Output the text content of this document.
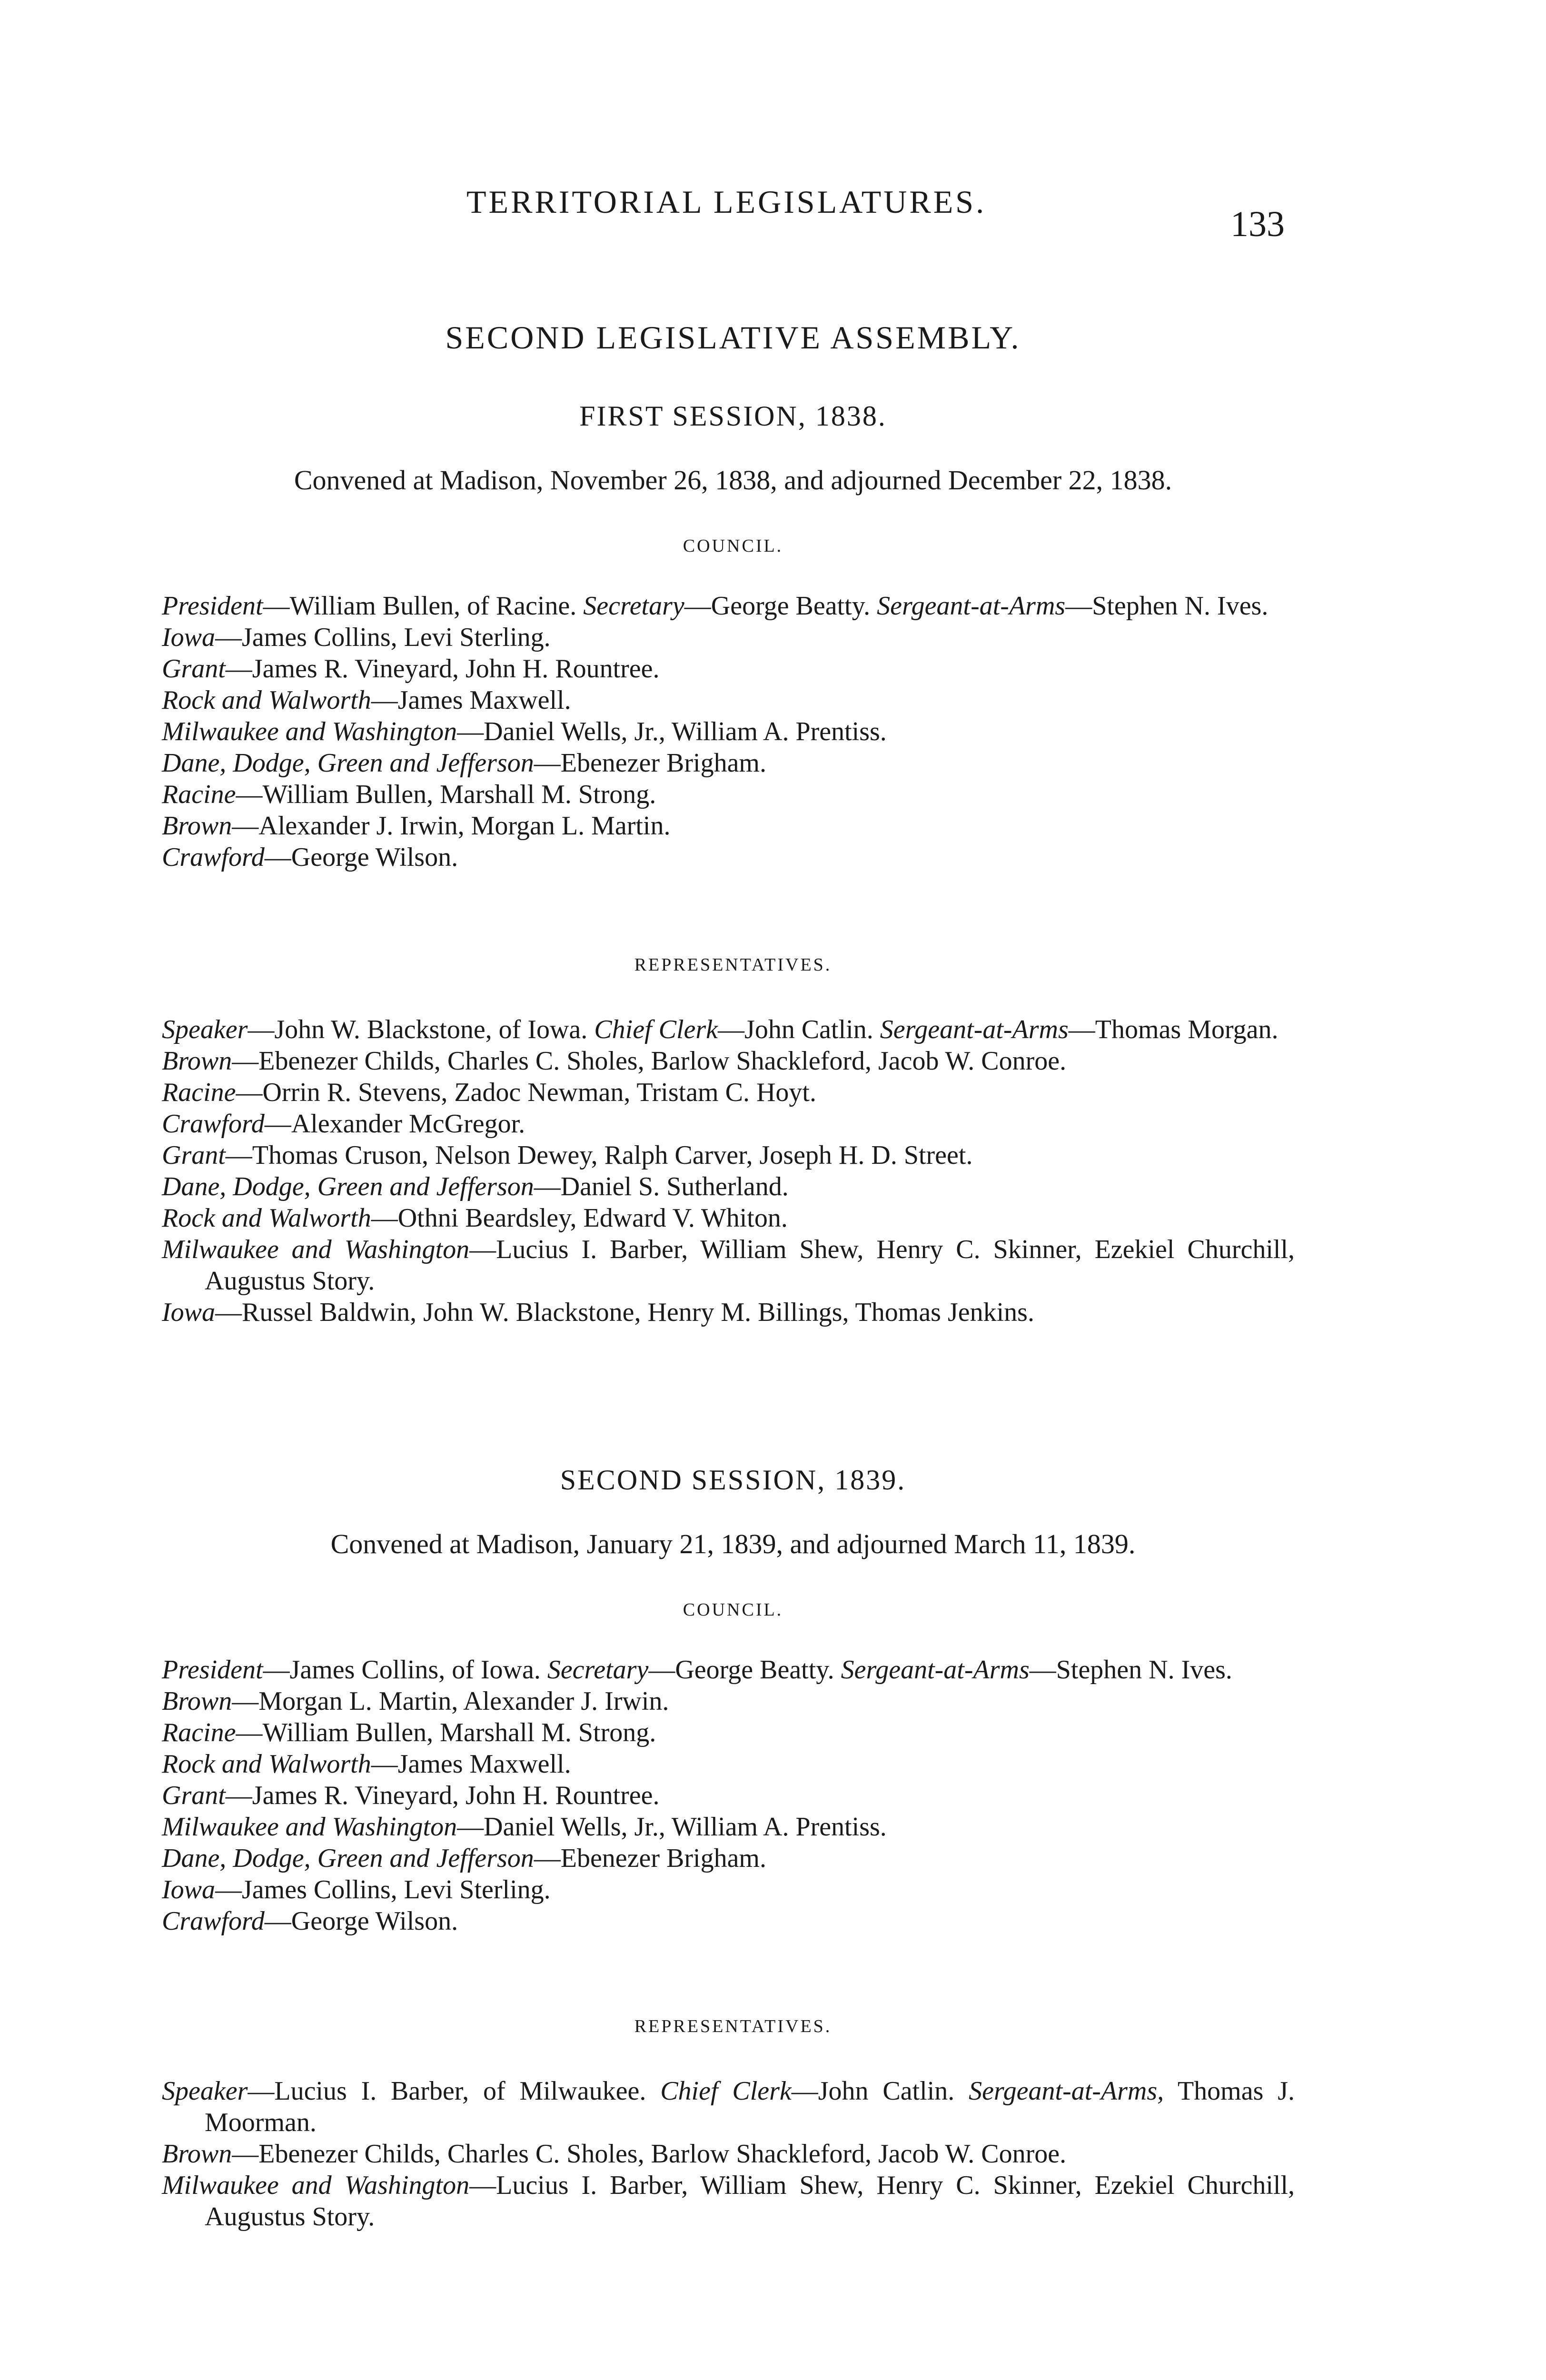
TERRITORIAL LEGISLATURES.
133
SECOND LEGISLATIVE ASSEMBLY.
FIRST SESSION, 1838.
Convened at Madison, November 26, 1838, and adjourned December 22, 1838.
COUNCIL.
President—William Bullen, of Racine. Secretary—George Beatty. Sergeant-at-Arms—Stephen N. Ives.
Iowa—James Collins, Levi Sterling.
Grant—James R. Vineyard, John H. Rountree.
Rock and Walworth—James Maxwell.
Milwaukee and Washington—Daniel Wells, Jr., William A. Prentiss.
Dane, Dodge, Green and Jefferson—Ebenezer Brigham.
Racine—William Bullen, Marshall M. Strong.
Brown—Alexander J. Irwin, Morgan L. Martin.
Crawford—George Wilson.
REPRESENTATIVES.
Speaker—John W. Blackstone, of Iowa. Chief Clerk—John Catlin. Sergeant-at-Arms—Thomas Morgan.
Brown—Ebenezer Childs, Charles C. Sholes, Barlow Shackleford, Jacob W. Conroe.
Racine—Orrin R. Stevens, Zadoc Newman, Tristam C. Hoyt.
Crawford—Alexander McGregor.
Grant—Thomas Cruson, Nelson Dewey, Ralph Carver, Joseph H. D. Street.
Dane, Dodge, Green and Jefferson—Daniel S. Sutherland.
Rock and Walworth—Othni Beardsley, Edward V. Whiton.
Milwaukee and Washington—Lucius I. Barber, William Shew, Henry C. Skinner, Ezekiel Churchill, Augustus Story.
Iowa—Russel Baldwin, John W. Blackstone, Henry M. Billings, Thomas Jenkins.
SECOND SESSION, 1839.
Convened at Madison, January 21, 1839, and adjourned March 11, 1839.
COUNCIL.
President—James Collins, of Iowa. Secretary—George Beatty. Sergeant-at-Arms—Stephen N. Ives.
Brown—Morgan L. Martin, Alexander J. Irwin.
Racine—William Bullen, Marshall M. Strong.
Rock and Walworth—James Maxwell.
Grant—James R. Vineyard, John H. Rountree.
Milwaukee and Washington—Daniel Wells, Jr., William A. Prentiss.
Dane, Dodge, Green and Jefferson—Ebenezer Brigham.
Iowa—James Collins, Levi Sterling.
Crawford—George Wilson.
REPRESENTATIVES.
Speaker—Lucius I. Barber, of Milwaukee. Chief Clerk—John Catlin. Sergeant-at-Arms, Thomas J. Moorman.
Brown—Ebenezer Childs, Charles C. Sholes, Barlow Shackleford, Jacob W. Conroe.
Milwaukee and Washington—Lucius I. Barber, William Shew, Henry C. Skinner, Ezekiel Churchill, Augustus Story.
